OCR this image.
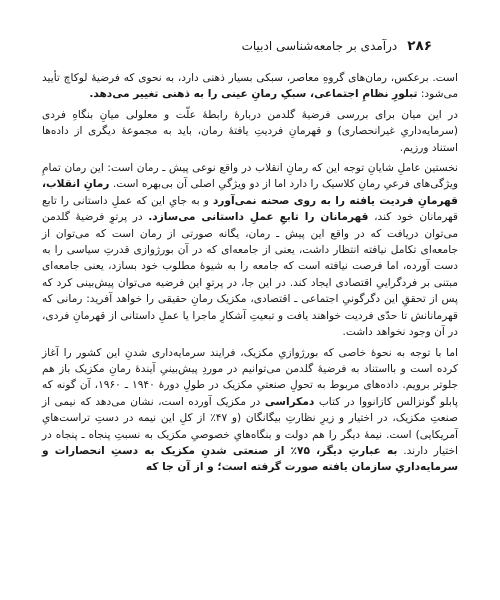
۲۸۶
درآمدی بر جامعه‌شناسی ادبیات

است. برعکس، رمان‌های گروهِ معاصر، سبکی بسیار ذهنی دارد، به نحوی که فرضیهٔ لوکاچ تأیید می‌شود: تبلورِ نظامِ اجتماعی، سبکِ رمانِ عینی را به ذهنی تغییر می‌دهد.

در این میان برای بررسی فرضیهٔ گلدمن دربارهٔ رابطهٔ علّت و معلولی میانِ بنگاهِ فردی (سرمایه‌داریِ غیرانحصاری) و قهرمانِ فردیتِ یافتهٔ رمان، باید به مجموعهٔ دیگری از داده‌ها استناد ورزیم.

نخستین عاملِ شایانِ توجه این که رمانِ انقلاب در واقع نوعی پیش ـ رمان است: این رمان تمامِ ویژگی‌های فرعیِ رمانِ کلاسیک را دارد اما از دو ویژگیِ اصلی آن بی‌بهره است. رمانِ انقلاب، قهرمانِ فردیت یافته را به روی صحنه نمی‌آورد و به جایِ این که عملِ داستانی را تابع قهرمانان خود کند، قهرمانان را تابعِ عملِ داستانی می‌سازد. در پرتوِ فرضیهٔ گلدمن می‌توان دریافت که در واقع این پیش ـ رمان، یگانه صورتی از رمان است که می‌توان از جامعه‌ای تکامل نیافته انتظار داشت، یعنی از جامعه‌ای که در آن بورژوازی قدرتِ سیاسی را به دست آورده، اما فرصت نیافته است که جامعه را به شیوهٔ مطلوب خود بسازد، یعنی جامعه‌ای مبتنی بر فردگراییِ اقتصادی ایجاد کند. در این جا، در پرتوِ این فرضیه می‌توان پیش‌بینی کرد که پس از تحققِ این دگرگونیِ اجتماعی ـ اقتصادی، مکزیک رمانِ حقیقی را خواهد آفرید: رمانی که قهرمانانش تا حدّی فردیت خواهند یافت و تبعیتِ آشکارِ ماجرا یا عملِ داستانی از قهرمانِ فردی، در آن وجود نخواهد داشت.

اما با توجه به نحوهٔ خاصی که بورژوازیِ مکزیک، فرایند سرمایه‌داری شدنِ این کشور را آغاز کرده است و بااستناد به فرضیهٔ گلدمن می‌توانیم در موردِ پیش‌بینیِ آیندهٔ رمانِ مکزیک باز هم جلوتر برویم. داده‌های مربوط به تحولِ صنعتیِ مکزیک در طولِ دورهٔ ۱۹۴۰ ـ ۱۹۶۰، آن گونه که پابلو گونزالس کازانووا در کتاب دمکراسی در مکزیک آورده است، نشان می‌دهد که نیمی از صنعتِ مکزیک، در اختیار و زیرِ نظارتِ بیگانگان (و ۴۷٪ از کلِ این نیمه در دستِ تراست‌هایِ آمریکایی) است. نیمهٔ دیگر را هم دولت و بنگاه‌هایِ خصوصیِ مکزیک به نسبتِ پنجاه ـ پنجاه در اختیار دارند. به عبارتِ دیگر، ۷۵٪ از صنعتی شدنِ مکزیک به دستِ انحصارات و سرمایه‌داریِ سازمان یافته صورت گرفته است؛ و از آن جا که
